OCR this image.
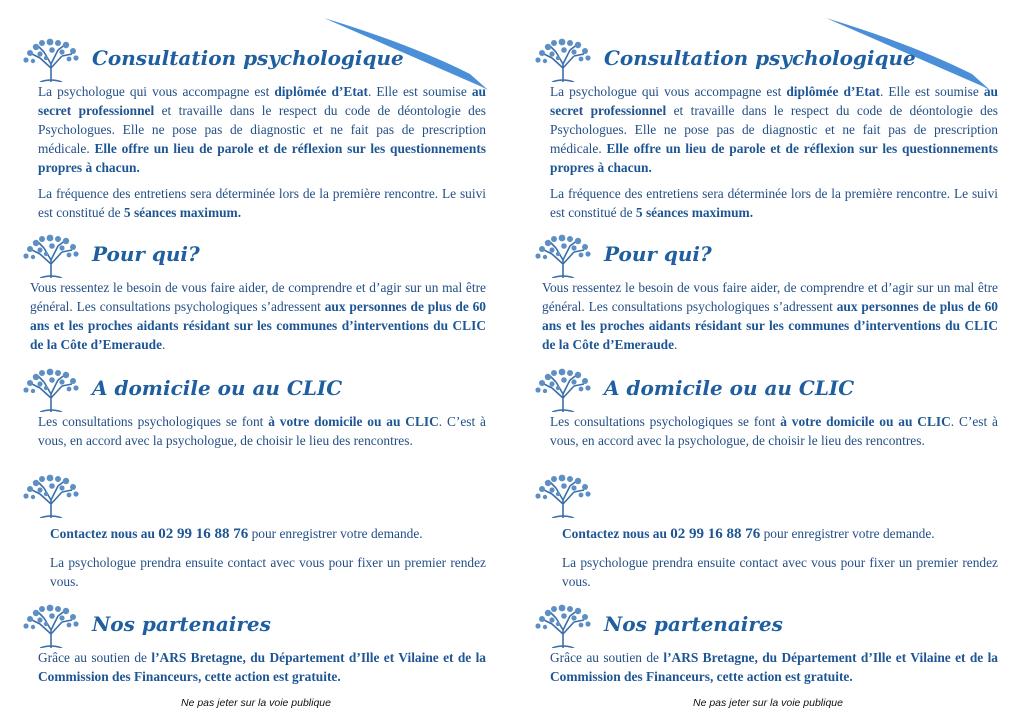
Consultation psychologique

La psychologue qui vous accompagne est diplômée d’Etat. Elle est soumise au secret professionnel et travaille dans le respect du code de déontologie des Psychologues. Elle ne pose pas de diagnostic et ne fait pas de prescription médicale. Elle offre un lieu de parole et de réflexion sur les questionnements propres à chacun.

La fréquence des entretiens sera déterminée lors de la première rencontre. Le suivi est constitué de 5 séances maximum.

Pour qui?

Vous ressentez le besoin de vous faire aider, de comprendre et d’agir sur un mal être général. Les consultations psychologiques s’adressent aux personnes de plus de 60 ans et les proches aidants résidant sur les communes d’interventions du CLIC de la Côte d’Emeraude.

A domicile ou au CLIC

Les consultations psychologiques se font à votre domicile ou au CLIC. C’est à vous, en accord avec la psychologue, de choisir le lieu des rencontres.

Contactez nous au 02 99 16 88 76 pour enregistrer votre demande.

La psychologue prendra ensuite contact avec vous pour fixer un premier rendez vous.

Nos partenaires

Grâce au soutien de l’ARS Bretagne, du Département d’Ille et Vilaine et de la Commission des Financeurs, cette action est gratuite.

Ne pas jeter sur la voie publique
Consultation psychologique

La psychologue qui vous accompagne est diplômée d’Etat. Elle est soumise au secret professionnel et travaille dans le respect du code de déontologie des Psychologues. Elle ne pose pas de diagnostic et ne fait pas de prescription médicale. Elle offre un lieu de parole et de réflexion sur les questionnements propres à chacun.

La fréquence des entretiens sera déterminée lors de la première rencontre. Le suivi est constitué de 5 séances maximum.

Pour qui?

Vous ressentez le besoin de vous faire aider, de comprendre et d’agir sur un mal être général. Les consultations psychologiques s’adressent aux personnes de plus de 60 ans et les proches aidants résidant sur les communes d’interventions du CLIC de la Côte d’Emeraude.

A domicile ou au CLIC

Les consultations psychologiques se font à votre domicile ou au CLIC. C’est à vous, en accord avec la psychologue, de choisir le lieu des rencontres.

Contactez nous au 02 99 16 88 76 pour enregistrer votre demande.

La psychologue prendra ensuite contact avec vous pour fixer un premier rendez vous.

Nos partenaires

Grâce au soutien de l’ARS Bretagne, du Département d’Ille et Vilaine et de la Commission des Financeurs, cette action est gratuite.

Ne pas jeter sur la voie publique
